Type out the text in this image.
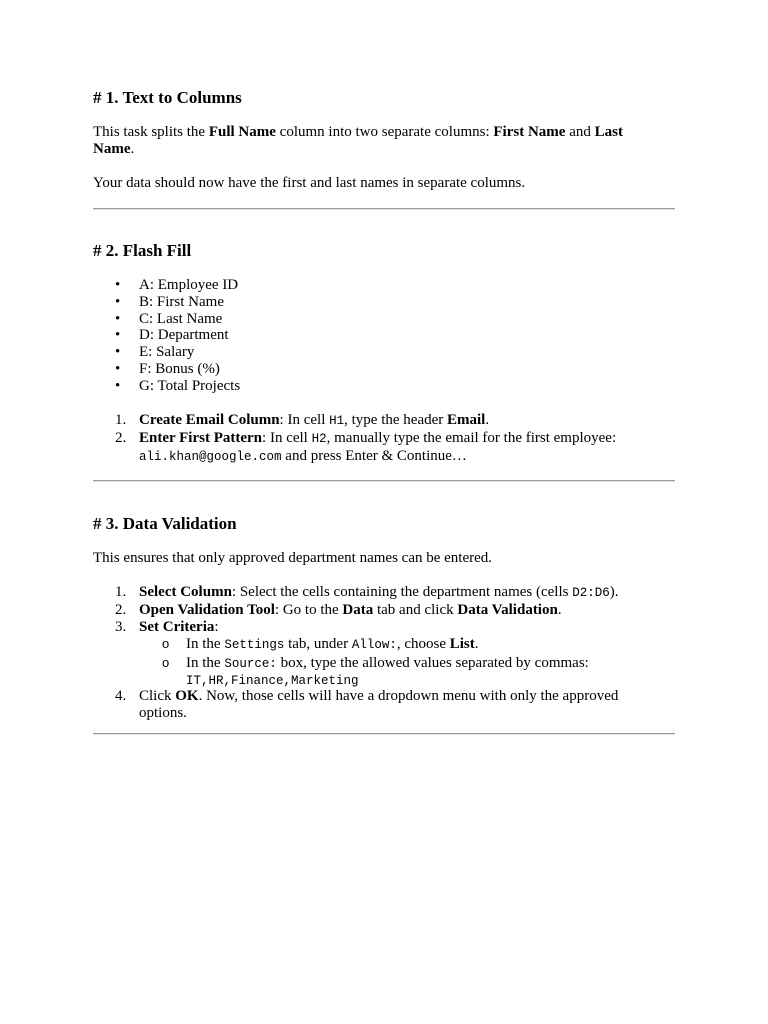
# 1. Text to Columns

This task splits the Full Name column into two separate columns: First Name and Last
Name.

Your data should now have the first and last names in separate columns.

# 2. Flash Fill
• A: Employee ID
• B: First Name
• C: Last Name
• D: Department
• E: Salary
• F: Bonus (%)
• G: Total Projects
1. Create Email Column: In cell H1, type the header Email.
2. Enter First Pattern: In cell H2, manually type the email for the first employee:
ali.khan@google.com and press Enter & Continue…
# 3. Data Validation

This ensures that only approved department names can be entered.

1. Select Column: Select the cells containing the department names (cells D2:D6).
2. Open Validation Tool: Go to the Data tab and click Data Validation.
3. Set Criteria:
o In the Settings tab, under Allow:, choose List.
o In the Source: box, type the allowed values separated by commas:
IT,HR,Finance,Marketing
4. Click OK. Now, those cells will have a dropdown menu with only the approved
options.
